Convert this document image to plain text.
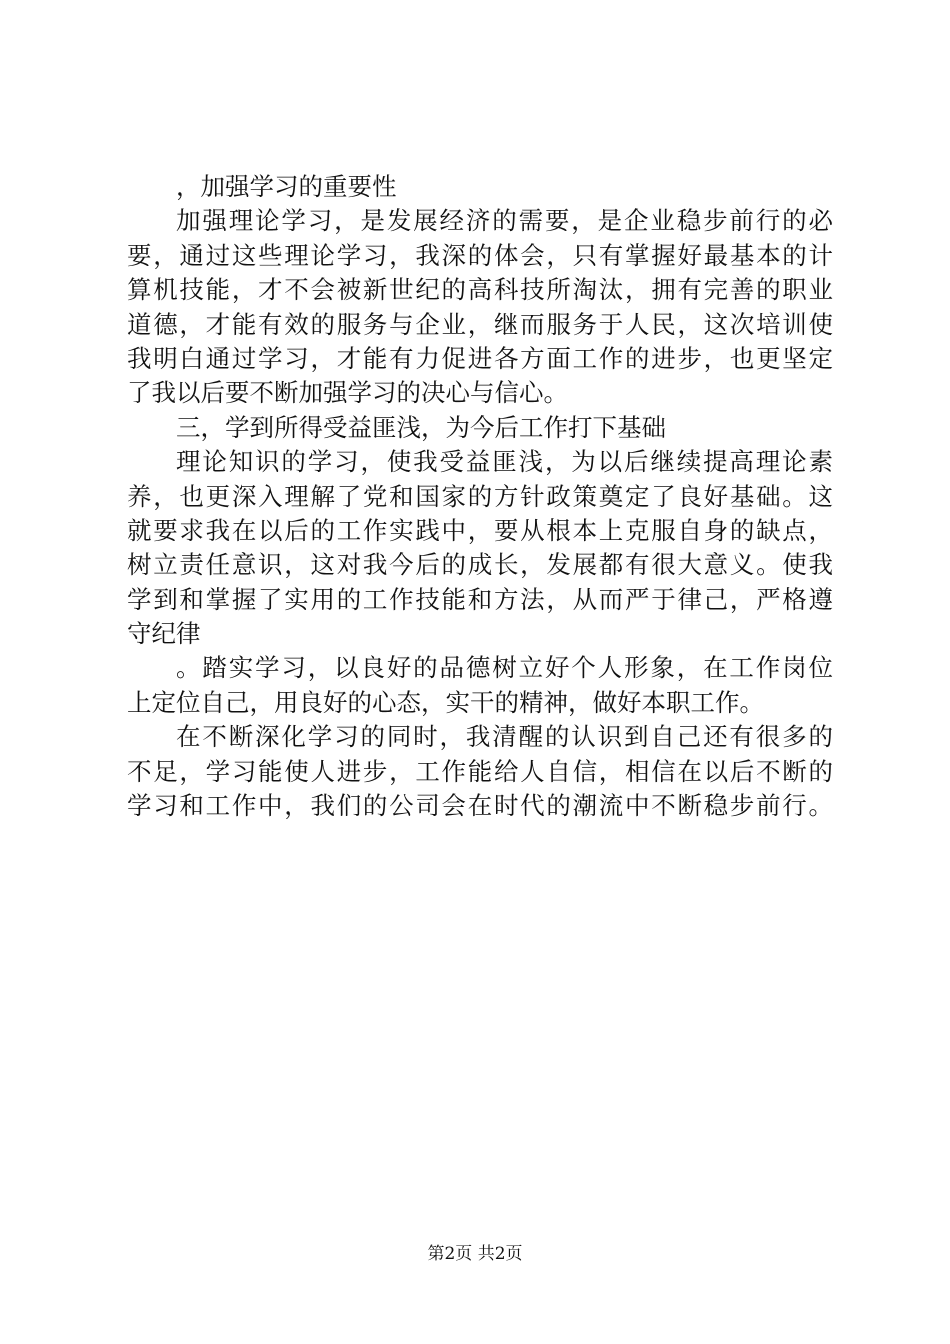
，加强学习的重要性
加强理论学习，是发展经济的需要，是企业稳步前行的必
要，通过这些理论学习，我深的体会，只有掌握好最基本的计
算机技能，才不会被新世纪的高科技所淘汰，拥有完善的职业
道德，才能有效的服务与企业，继而服务于人民，这次培训使
我明白通过学习，才能有力促进各方面工作的进步，也更坚定
了我以后要不断加强学习的决心与信心。
三，学到所得受益匪浅，为今后工作打下基础
理论知识的学习，使我受益匪浅，为以后继续提高理论素
养，也更深入理解了党和国家的方针政策奠定了良好基础。这
就要求我在以后的工作实践中，要从根本上克服自身的缺点，
树立责任意识，这对我今后的成长，发展都有很大意义。使我
学到和掌握了实用的工作技能和方法，从而严于律己，严格遵
守纪律
。踏实学习，以良好的品德树立好个人形象，在工作岗位
上定位自己，用良好的心态，实干的精神，做好本职工作。
在不断深化学习的同时，我清醒的认识到自己还有很多的
不足，学习能使人进步，工作能给人自信，相信在以后不断的
学习和工作中，我们的公司会在时代的潮流中不断稳步前行。
第2页 共2页
